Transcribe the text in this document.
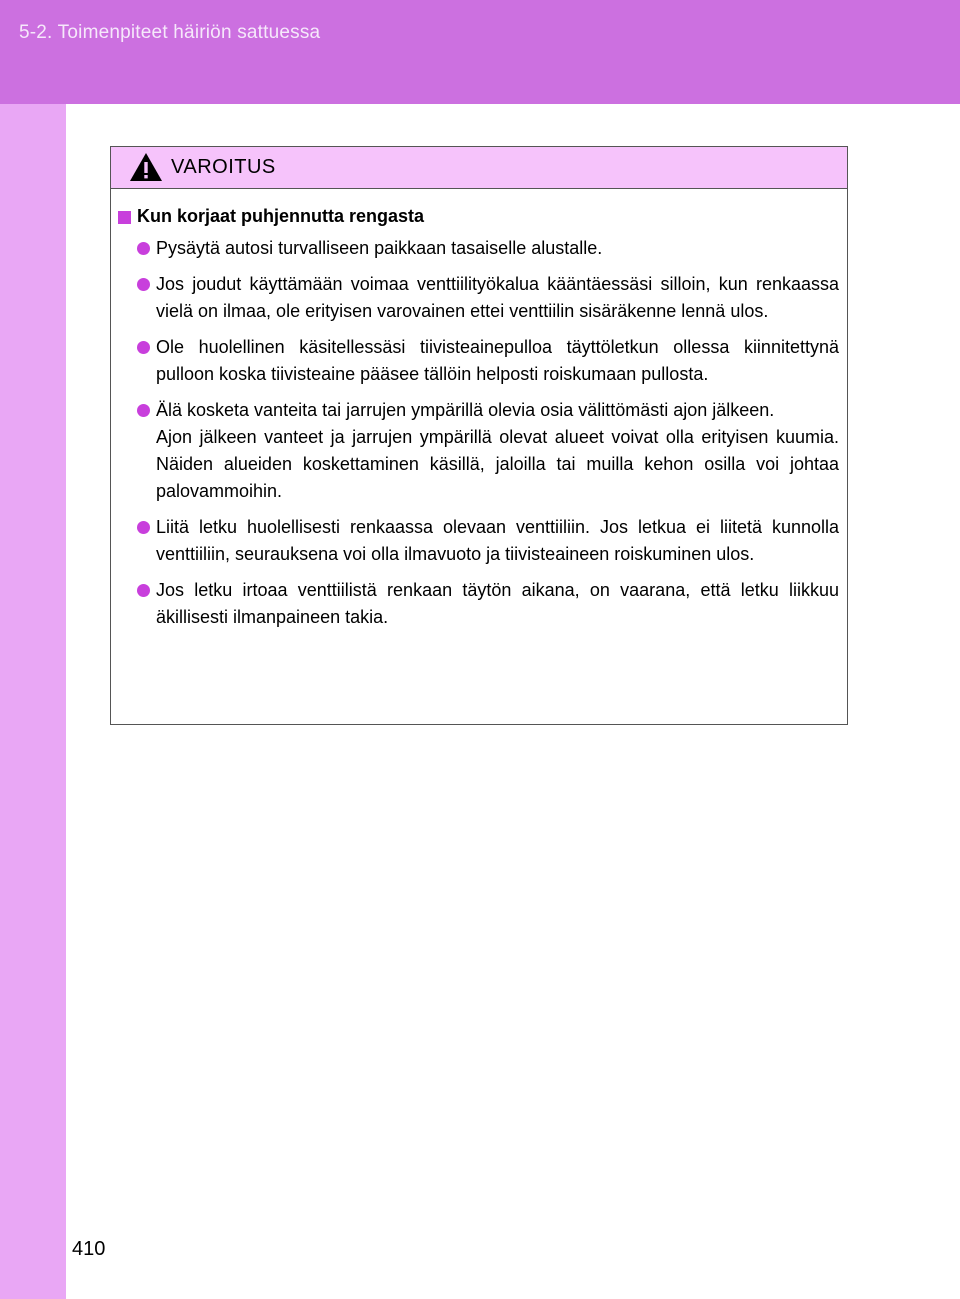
5-2. Toimenpiteet häiriön sattuessa
VAROITUS
Kun korjaat puhjennutta rengasta

Pysäytä autosi turvalliseen paikkaan tasaiselle alustalle.

Jos joudut käyttämään voimaa venttiilityökalua kääntäessäsi silloin, kun renkaassa vielä on ilmaa, ole erityisen varovainen ettei venttiilin sisäräkenne lennä ulos.

Ole huolellinen käsitellessäsi tiivisteainepulloa täyttöletkun ollessa kiinnitettynä pulloon koska tiivisteaine pääsee tällöin helposti roiskumaan pullosta.

Älä kosketa vanteita tai jarrujen ympärillä olevia osia välittömästi ajon jälkeen.

Ajon jälkeen vanteet ja jarrujen ympärillä olevat alueet voivat olla erityisen kuumia. Näiden alueiden koskettaminen käsillä, jaloilla tai muilla kehon osilla voi johtaa palovammoihin.

Liitä letku huolellisesti renkaassa olevaan venttiiliin. Jos letkua ei liitetä kunnolla venttiiliin, seurauksena voi olla ilmavuoto ja tiivisteaineen roiskuminen ulos.

Jos letku irtoaa venttiilistä renkaan täytön aikana, on vaarana, että letku liikkuu äkillisesti ilmanpaineen takia.

410
